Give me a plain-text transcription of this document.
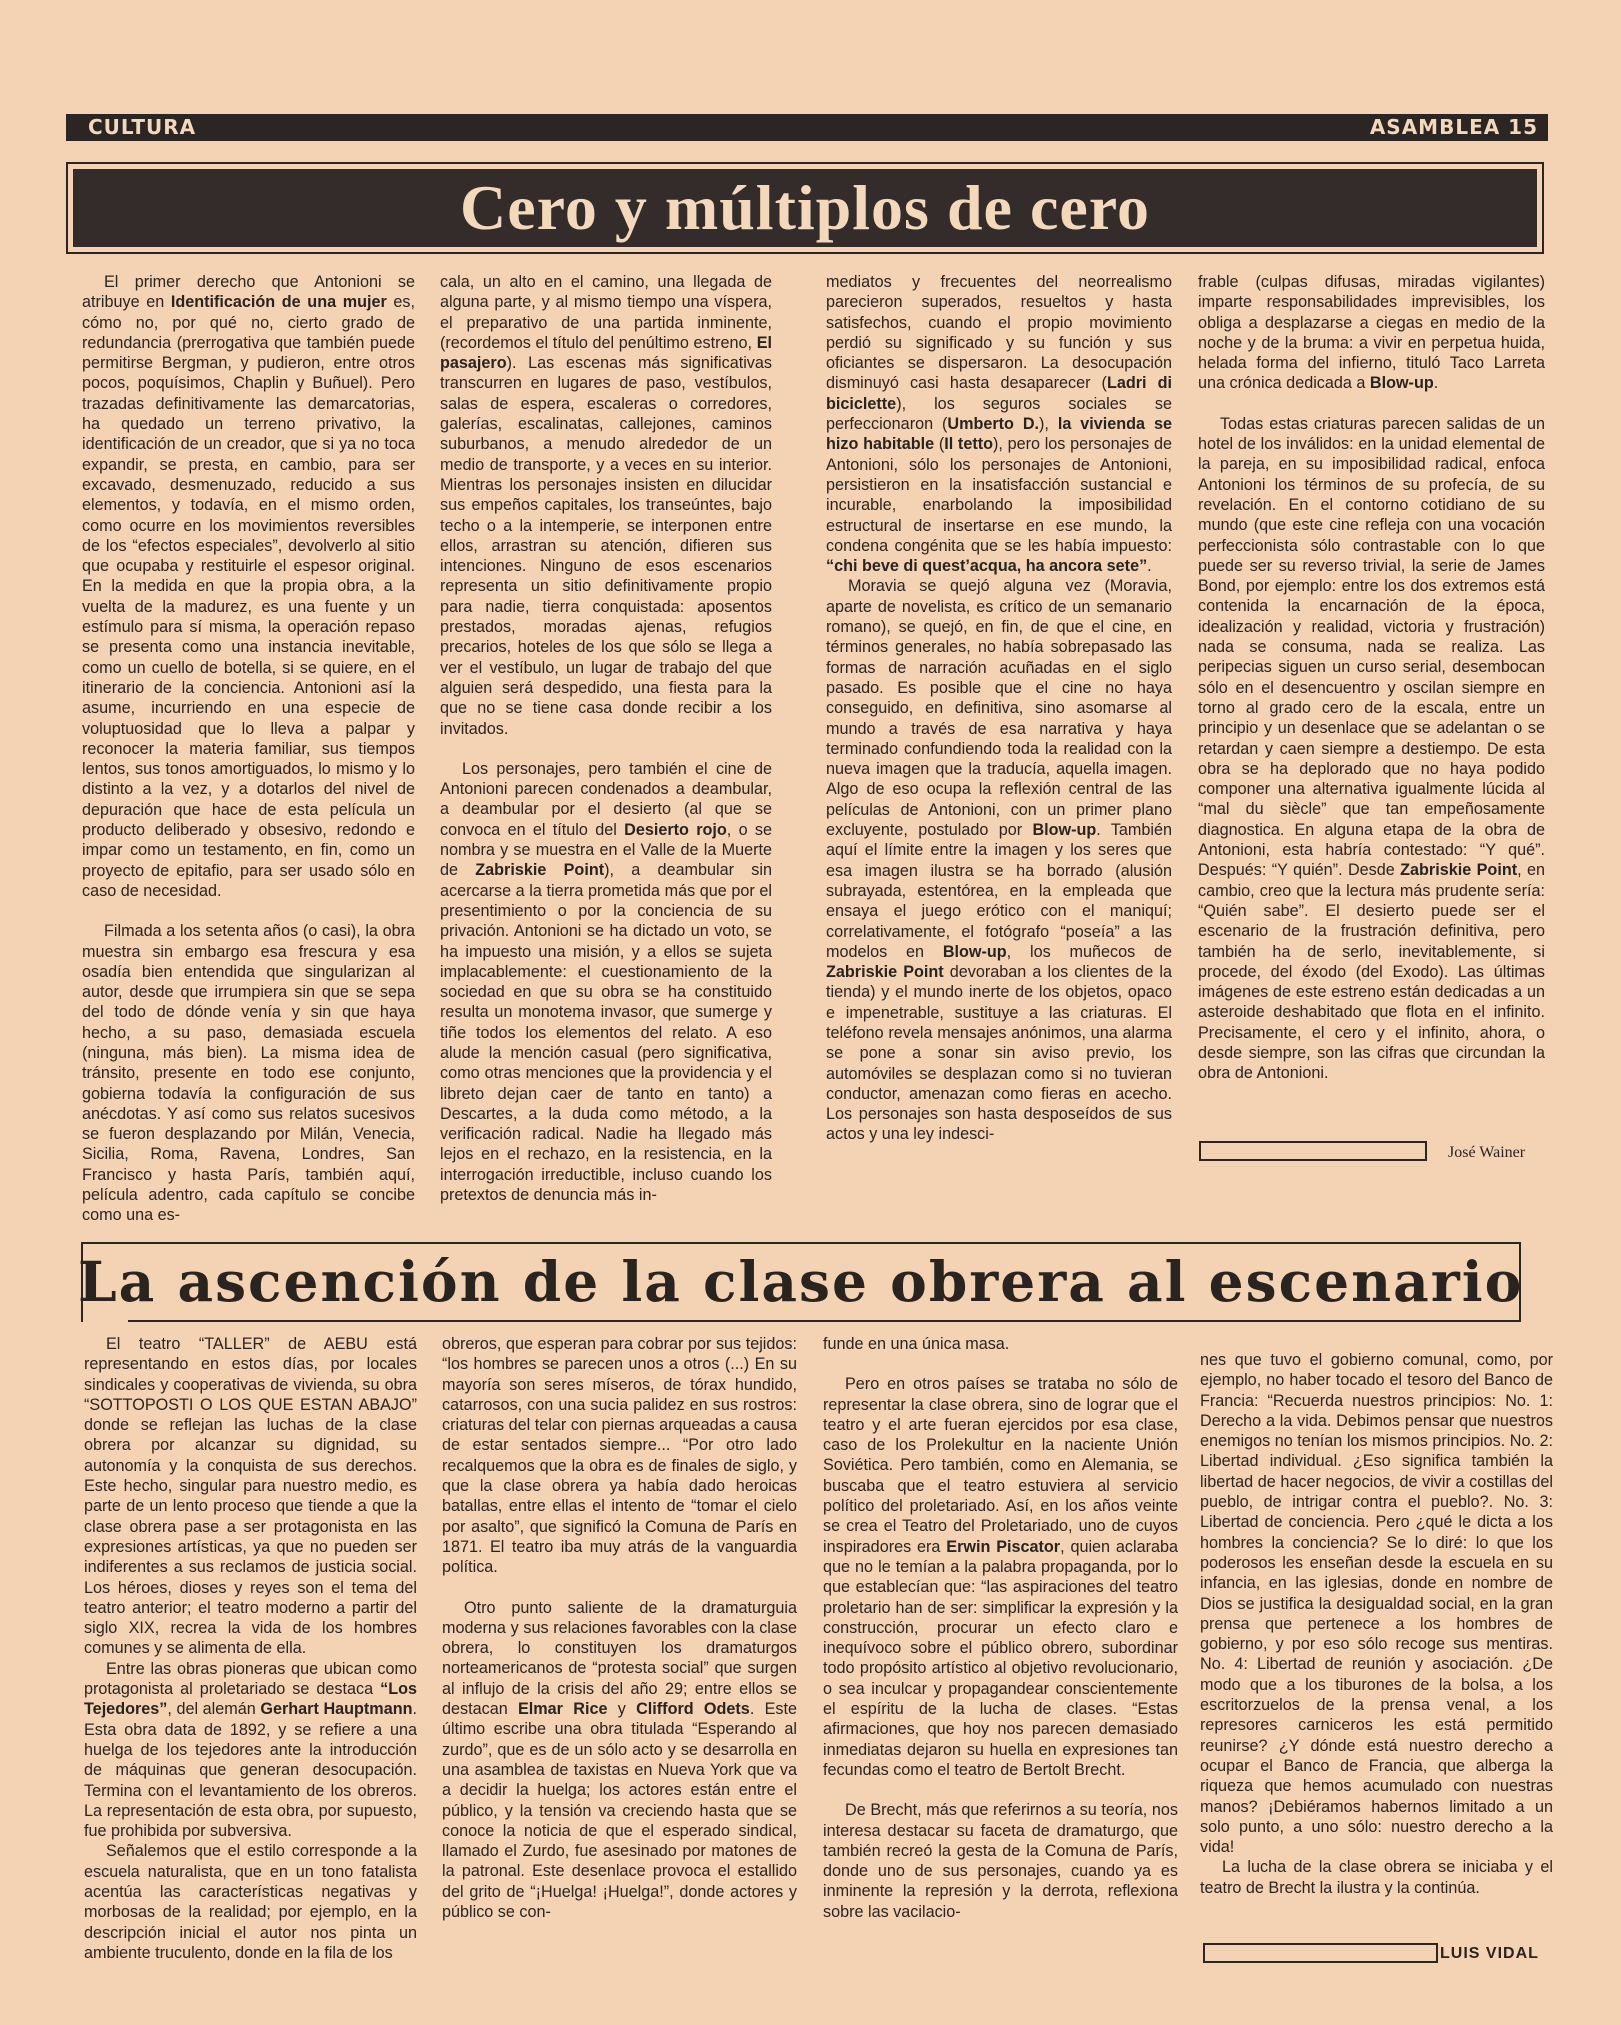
CULTURA	ASAMBLEA 15
Cero y múltiplos de cero

El primer derecho que Antonioni se atribuye en Identificación de una mujer es, cómo no, por qué no, cierto grado de redundancia (prerrogativa que también puede permitirse Bergman, y pudieron, entre otros pocos, poquísimos, Chaplin y Buñuel). Pero trazadas definitivamente las demarcatorias, ha quedado un terreno privativo, la identificación de un creador, que si ya no toca expandir, se presta, en cambio, para ser excavado, desmenuzado, reducido a sus elementos, y todavía, en el mismo orden, como ocurre en los movimientos reversibles de los “efectos especiales”, devolverlo al sitio que ocupaba y restituirle el espesor original. En la medida en que la propia obra, a la vuelta de la madurez, es una fuente y un estímulo para sí misma, la operación repaso se presenta como una instancia inevitable, como un cuello de botella, si se quiere, en el itinerario de la conciencia. Antonioni así la asume, incurriendo en una especie de voluptuosidad que lo lleva a palpar y reconocer la materia familiar, sus tiempos lentos, sus tonos amortiguados, lo mismo y lo distinto a la vez, y a dotarlos del nivel de depuración que hace de esta película un producto deliberado y obsesivo, redondo e impar como un testamento, en fin, como un proyecto de epitafio, para ser usado sólo en caso de necesidad.

Filmada a los setenta años (o casi), la obra muestra sin embargo esa frescura y esa osadía bien entendida que singularizan al autor, desde que irrumpiera sin que se sepa del todo de dónde venía y sin que haya hecho, a su paso, demasiada escuela (ninguna, más bien). La misma idea de tránsito, presente en todo ese conjunto, gobierna todavía la configuración de sus anécdotas. Y así como sus relatos sucesivos se fueron desplazando por Milán, Venecia, Sicilia, Roma, Ravena, Londres, San Francisco y hasta París, también aquí, película adentro, cada capítulo se concibe como una es-

cala, un alto en el camino, una llegada de alguna parte, y al mismo tiempo una víspera, el preparativo de una partida inminente, (recordemos el título del penúltimo estreno, El pasajero). Las escenas más significativas transcurren en lugares de paso, vestíbulos, salas de espera, escaleras o corredores, galerías, escalinatas, callejones, caminos suburbanos, a menudo alrededor de un medio de transporte, y a veces en su interior. Mientras los personajes insisten en dilucidar sus empeños capitales, los transeúntes, bajo techo o a la intemperie, se interponen entre ellos, arrastran su atención, difieren sus intenciones. Ninguno de esos escenarios representa un sitio definitivamente propio para nadie, tierra conquistada: aposentos prestados, moradas ajenas, refugios precarios, hoteles de los que sólo se llega a ver el vestíbulo, un lugar de trabajo del que alguien será despedido, una fiesta para la que no se tiene casa donde recibir a los invitados.

Los personajes, pero también el cine de Antonioni parecen condenados a deambular, a deambular por el desierto (al que se convoca en el título del Desierto rojo, o se nombra y se muestra en el Valle de la Muerte de Zabriskie Point), a deambular sin acercarse a la tierra prometida más que por el presentimiento o por la conciencia de su privación. Antonioni se ha dictado un voto, se ha impuesto una misión, y a ellos se sujeta implacablemente: el cuestionamiento de la sociedad en que su obra se ha constituido resulta un monotema invasor, que sumerge y tiñe todos los elementos del relato. A eso alude la mención casual (pero significativa, como otras menciones que la providencia y el libreto dejan caer de tanto en tanto) a Descartes, a la duda como método, a la verificación radical. Nadie ha llegado más lejos en el rechazo, en la resistencia, en la interrogación irreductible, incluso cuando los pretextos de denuncia más in-

mediatos y frecuentes del neorrealismo parecieron superados, resueltos y hasta satisfechos, cuando el propio movimiento perdió su significado y su función y sus oficiantes se dispersaron. La desocupación disminuyó casi hasta desaparecer (Ladri di biciclette), los seguros sociales se perfeccionaron (Umberto D.), la vivienda se hizo habitable (Il tetto), pero los personajes de Antonioni, sólo los personajes de Antonioni, persistieron en la insatisfacción sustancial e incurable, enarbolando la imposibilidad estructural de insertarse en ese mundo, la condena congénita que se les había impuesto: “chi beve di quest’acqua, ha ancora sete”.

Moravia se quejó alguna vez (Moravia, aparte de novelista, es crítico de un semanario romano), se quejó, en fin, de que el cine, en términos generales, no había sobrepasado las formas de narración acuñadas en el siglo pasado. Es posible que el cine no haya conseguido, en definitiva, sino asomarse al mundo a través de esa narrativa y haya terminado confundiendo toda la realidad con la nueva imagen que la traducía, aquella imagen. Algo de eso ocupa la reflexión central de las películas de Antonioni, con un primer plano excluyente, postulado por Blow-up. También aquí el límite entre la imagen y los seres que esa imagen ilustra se ha borrado (alusión subrayada, estentórea, en la empleada que ensaya el juego erótico con el maniquí; correlativamente, el fotógrafo “poseía” a las modelos en Blow-up, los muñecos de Zabriskie Point devoraban a los clientes de la tienda) y el mundo inerte de los objetos, opaco e impenetrable, sustituye a las criaturas. El teléfono revela mensajes anónimos, una alarma se pone a sonar sin aviso previo, los automóviles se desplazan como si no tuvieran conductor, amenazan como fieras en acecho. Los personajes son hasta desposeídos de sus actos y una ley indesci-

frable (culpas difusas, miradas vigilantes) imparte responsabilidades imprevisibles, los obliga a desplazarse a ciegas en medio de la noche y de la bruma: a vivir en perpetua huida, helada forma del infierno, tituló Taco Larreta una crónica dedicada a Blow-up.

Todas estas criaturas parecen salidas de un hotel de los inválidos: en la unidad elemental de la pareja, en su imposibilidad radical, enfoca Antonioni los términos de su profecía, de su revelación. En el contorno cotidiano de su mundo (que este cine refleja con una vocación perfeccionista sólo contrastable con lo que puede ser su reverso trivial, la serie de James Bond, por ejemplo: entre los dos extremos está contenida la encarnación de la época, idealización y realidad, victoria y frustración) nada se consuma, nada se realiza. Las peripecias siguen un curso serial, desembocan sólo en el desencuentro y oscilan siempre en torno al grado cero de la escala, entre un principio y un desenlace que se adelantan o se retardan y caen siempre a destiempo. De esta obra se ha deplorado que no haya podido componer una alternativa igualmente lúcida al “mal du siècle” que tan empeñosamente diagnostica. En alguna etapa de la obra de Antonioni, esta habría contestado: “Y qué”. Después: “Y quién”. Desde Zabriskie Point, en cambio, creo que la lectura más prudente sería: “Quién sabe”. El desierto puede ser el escenario de la frustración definitiva, pero también ha de serlo, inevitablemente, si procede, del éxodo (del Exodo). Las últimas imágenes de este estreno están dedicadas a un asteroide deshabitado que flota en el infinito. Precisamente, el cero y el infinito, ahora, o desde siempre, son las cifras que circundan la obra de Antonioni.

José Wainer
La ascención de la clase obrera al escenario

El teatro “TALLER” de AEBU está representando en estos días, por locales sindicales y cooperativas de vivienda, su obra “SOTTOPOSTI O LOS QUE ESTAN ABAJO” donde se reflejan las luchas de la clase obrera por alcanzar su dignidad, su autonomía y la conquista de sus derechos. Este hecho, singular para nuestro medio, es parte de un lento proceso que tiende a que la clase obrera pase a ser protagonista en las expresiones artísticas, ya que no pueden ser indiferentes a sus reclamos de justicia social. Los héroes, dioses y reyes son el tema del teatro anterior; el teatro moderno a partir del siglo XIX, recrea la vida de los hombres comunes y se alimenta de ella.

Entre las obras pioneras que ubican como protagonista al proletariado se destaca “Los Tejedores”, del alemán Gerhart Hauptmann. Esta obra data de 1892, y se refiere a una huelga de los tejedores ante la introducción de máquinas que generan desocupación. Termina con el levantamiento de los obreros. La representación de esta obra, por supuesto, fue prohibida por subversiva.

Señalemos que el estilo corresponde a la escuela naturalista, que en un tono fatalista acentúa las características negativas y morbosas de la realidad; por ejemplo, en la descripción inicial el autor nos pinta un ambiente truculento, donde en la fila de los

obreros, que esperan para cobrar por sus tejidos: “los hombres se parecen unos a otros (...) En su mayoría son seres míseros, de tórax hundido, catarrosos, con una sucia palidez en sus rostros: criaturas del telar con piernas arqueadas a causa de estar sentados siempre... “Por otro lado recalquemos que la obra es de finales de siglo, y que la clase obrera ya había dado heroicas batallas, entre ellas el intento de “tomar el cielo por asalto”, que significó la Comuna de París en 1871. El teatro iba muy atrás de la vanguardia política.

Otro punto saliente de la dramaturguia moderna y sus relaciones favorables con la clase obrera, lo constituyen los dramaturgos norteamericanos de “protesta social” que surgen al influjo de la crisis del año 29; entre ellos se destacan Elmar Rice y Clifford Odets. Este último escribe una obra titulada “Esperando al zurdo”, que es de un sólo acto y se desarrolla en una asamblea de taxistas en Nueva York que va a decidir la huelga; los actores están entre el público, y la tensión va creciendo hasta que se conoce la noticia de que el esperado sindical, llamado el Zurdo, fue asesinado por matones de la patronal. Este desenlace provoca el estallido del grito de “¡Huelga! ¡Huelga!”, donde actores y público se con-

funde en una única masa.

Pero en otros países se trataba no sólo de representar la clase obrera, sino de lograr que el teatro y el arte fueran ejercidos por esa clase, caso de los Prolekultur en la naciente Unión Soviética. Pero también, como en Alemania, se buscaba que el teatro estuviera al servicio político del proletariado. Así, en los años veinte se crea el Teatro del Proletariado, uno de cuyos inspiradores era Erwin Piscator, quien aclaraba que no le temían a la palabra propaganda, por lo que establecían que: “las aspiraciones del teatro proletario han de ser: simplificar la expresión y la construcción, procurar un efecto claro e inequívoco sobre el público obrero, subordinar todo propósito artístico al objetivo revolucionario, o sea inculcar y propagandear conscientemente el espíritu de la lucha de clases. “Estas afirmaciones, que hoy nos parecen demasiado inmediatas dejaron su huella en expresiones tan fecundas como el teatro de Bertolt Brecht.

De Brecht, más que referirnos a su teoría, nos interesa destacar su faceta de dramaturgo, que también recreó la gesta de la Comuna de París, donde uno de sus personajes, cuando ya es inminente la represión y la derrota, reflexiona sobre las vacilacio-

nes que tuvo el gobierno comunal, como, por ejemplo, no haber tocado el tesoro del Banco de Francia: “Recuerda nuestros principios: No. 1: Derecho a la vida. Debimos pensar que nuestros enemigos no tenían los mismos principios. No. 2: Libertad individual. ¿Eso significa también la libertad de hacer negocios, de vivir a costillas del pueblo, de intrigar contra el pueblo?. No. 3: Libertad de conciencia. Pero ¿qué le dicta a los hombres la conciencia? Se lo diré: lo que los poderosos les enseñan desde la escuela en su infancia, en las iglesias, donde en nombre de Dios se justifica la desigualdad social, en la gran prensa que pertenece a los hombres de gobierno, y por eso sólo recoge sus mentiras. No. 4: Libertad de reunión y asociación. ¿De modo que a los tiburones de la bolsa, a los escritorzuelos de la prensa venal, a los represores carniceros les está permitido reunirse? ¿Y dónde está nuestro derecho a ocupar el Banco de Francia, que alberga la riqueza que hemos acumulado con nuestras manos? ¡Debiéramos habernos limitado a un solo punto, a uno sólo: nuestro derecho a la vida!

La lucha de la clase obrera se iniciaba y el teatro de Brecht la ilustra y la continúa.

LUIS VIDAL
